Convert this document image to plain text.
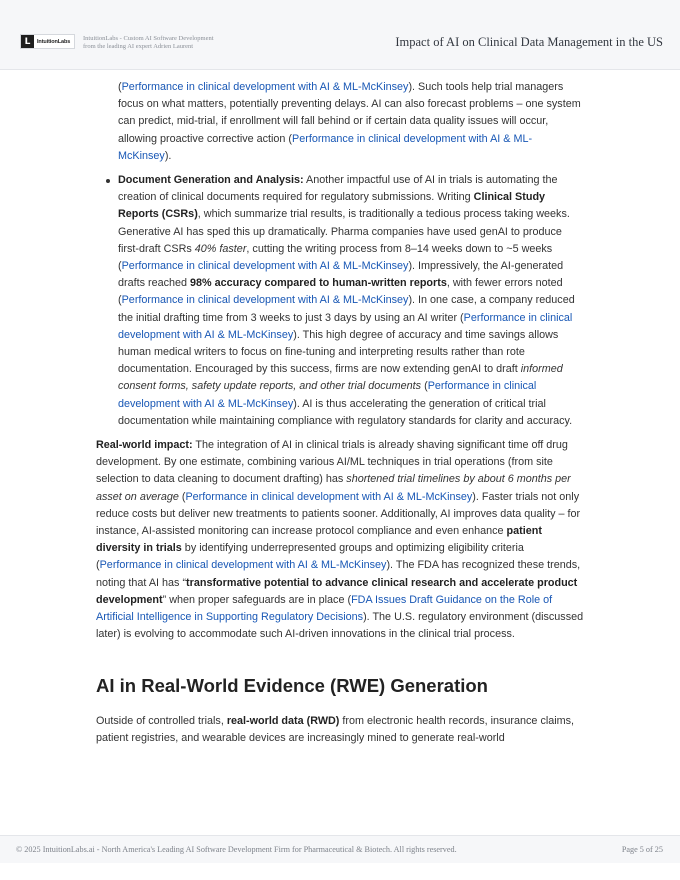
L	IntuitionLabs IntuitionLabs - Custom AI Software Development
from the leading AI expert Adrien Laurent	Impact of AI on Clinical Data Management in the US

(Performance in clinical development with AI & ML-McKinsey). Such tools help trial managers focus on what matters, potentially preventing delays. AI can also forecast problems – one system can predict, mid-trial, if enrollment will fall behind or if certain data quality issues will occur, allowing proactive corrective action (Performance in clinical development with AI & ML-McKinsey).

Document Generation and Analysis: Another impactful use of AI in trials is automating the creation of clinical documents required for regulatory submissions. Writing Clinical Study Reports (CSRs), which summarize trial results, is traditionally a tedious process taking weeks. Generative AI has sped this up dramatically. Pharma companies have used genAI to produce first-draft CSRs 40% faster, cutting the writing process from 8–14 weeks down to ~5 weeks (Performance in clinical development with AI & ML-McKinsey). Impressively, the AI-generated drafts reached 98% accuracy compared to human-written reports, with fewer errors noted (Performance in clinical development with AI & ML-McKinsey). In one case, a company reduced the initial drafting time from 3 weeks to just 3 days by using an AI writer (Performance in clinical development with AI & ML-McKinsey). This high degree of accuracy and time savings allows human medical writers to focus on fine-tuning and interpreting results rather than rote documentation. Encouraged by this success, firms are now extending genAI to draft informed consent forms, safety update reports, and other trial documents (Performance in clinical development with AI & ML-McKinsey). AI is thus accelerating the generation of critical trial documentation while maintaining compliance with regulatory standards for clarity and accuracy.

Real-world impact: The integration of AI in clinical trials is already shaving significant time off drug development. By one estimate, combining various AI/ML techniques in trial operations (from site selection to data cleaning to document drafting) has shortened trial timelines by about 6 months per asset on average (Performance in clinical development with AI & ML-McKinsey). Faster trials not only reduce costs but deliver new treatments to patients sooner. Additionally, AI improves data quality – for instance, AI-assisted monitoring can increase protocol compliance and even enhance patient diversity in trials by identifying underrepresented groups and optimizing eligibility criteria (Performance in clinical development with AI & ML-McKinsey). The FDA has recognized these trends, noting that AI has “transformative potential to advance clinical research and accelerate product development” when proper safeguards are in place (FDA Issues Draft Guidance on the Role of Artificial Intelligence in Supporting Regulatory Decisions). The U.S. regulatory environment (discussed later) is evolving to accommodate such AI-driven innovations in the clinical trial process.

AI in Real-World Evidence (RWE) Generation

Outside of controlled trials, real-world data (RWD) from electronic health records, insurance claims, patient registries, and wearable devices are increasingly mined to generate real-world

© 2025 IntuitionLabs.ai - North America's Leading AI Software Development Firm for Pharmaceutical & Biotech. All rights reserved.	Page 5 of 25
